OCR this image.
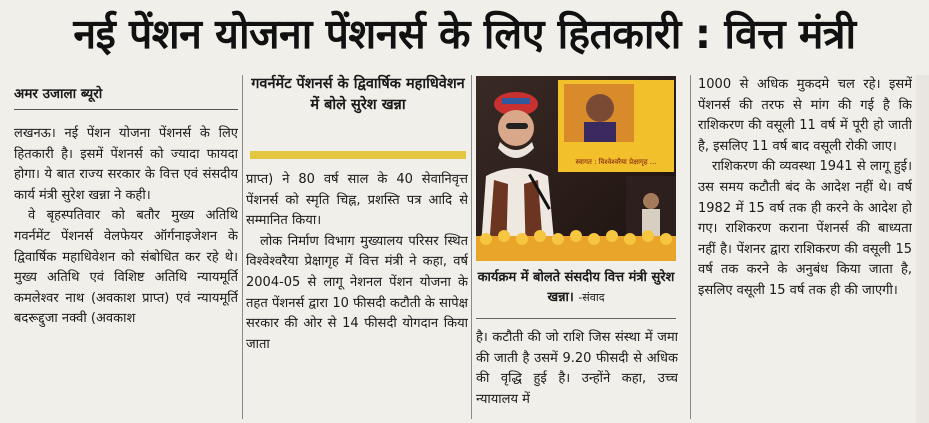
नई पेंशन योजना पेंशनर्स के लिए हितकारी : वित्त मंत्री
अमर उजाला ब्यूरो

लखनऊ। नई पेंशन योजना पेंशनर्स के लिए हितकारी है। इसमें पेंशनर्स को ज्यादा फायदा होगा। ये बात राज्य सरकार के वित्त एवं संसदीय कार्य मंत्री सुरेश खन्ना ने कही।

वे बृहस्पतिवार को बतौर मुख्य अतिथि गवर्नमेंट पेंशनर्स वेलफेयर ऑर्गनाइजेशन के द्विवार्षिक महाधिवेशन को संबोधित कर रहे थे। मुख्य अतिथि एवं विशिष्ट अतिथि न्यायमूर्ति कमलेश्वर नाथ (अवकाश प्राप्त) एवं न्यायमूर्ति बदरूद्दुजा नक्वी (अवकाश

गवर्नमेंट पेंशनर्स के द्विवार्षिक महाधिवेशन में बोले सुरेश खन्ना

प्राप्त) ने 80 वर्ष साल के 40 सेवानिवृत्त पेंशनर्स को स्मृति चिह्न, प्रशस्ति पत्र आदि से सम्मानित किया।

लोक निर्माण विभाग मुख्यालय परिसर स्थित विश्वेश्वरैया प्रेक्षागृह में वित्त मंत्री ने कहा, वर्ष 2004-05 से लागू नेशनल पेंशन योजना के तहत पेंशनर्स द्वारा 10 फीसदी कटौती के सापेक्ष सरकार की ओर से 14 फीसदी योगदान किया जाता

स्वागत : विश्वेश्वरैया प्रेक्षागृह ...
कार्यक्रम में बोलते संसदीय वित्त मंत्री सुरेश खन्ना। -संवाद

है। कटौती की जो राशि जिस संस्था में जमा की जाती है उसमें 9.20 फीसदी से अधिक की वृद्धि हुई है। उन्होंने कहा, उच्च न्यायालय में

1000 से अधिक मुकदमे चल रहे। इसमें पेंशनर्स की तरफ से मांग की गई है कि राशिकरण की वसूली 11 वर्ष में पूरी हो जाती है, इसलिए 11 वर्ष बाद वसूली रोकी जाए।

राशिकरण की व्यवस्था 1941 से लागू हुई। उस समय कटौती बंद के आदेश नहीं थे। वर्ष 1982 में 15 वर्ष तक ही करने के आदेश हो गए। राशिकरण कराना पेंशनर्स की बाध्यता नहीं है। पेंशनर द्वारा राशिकरण की वसूली 15 वर्ष तक करने के अनुबंध किया जाता है, इसलिए वसूली 15 वर्ष तक ही की जाएगी।
